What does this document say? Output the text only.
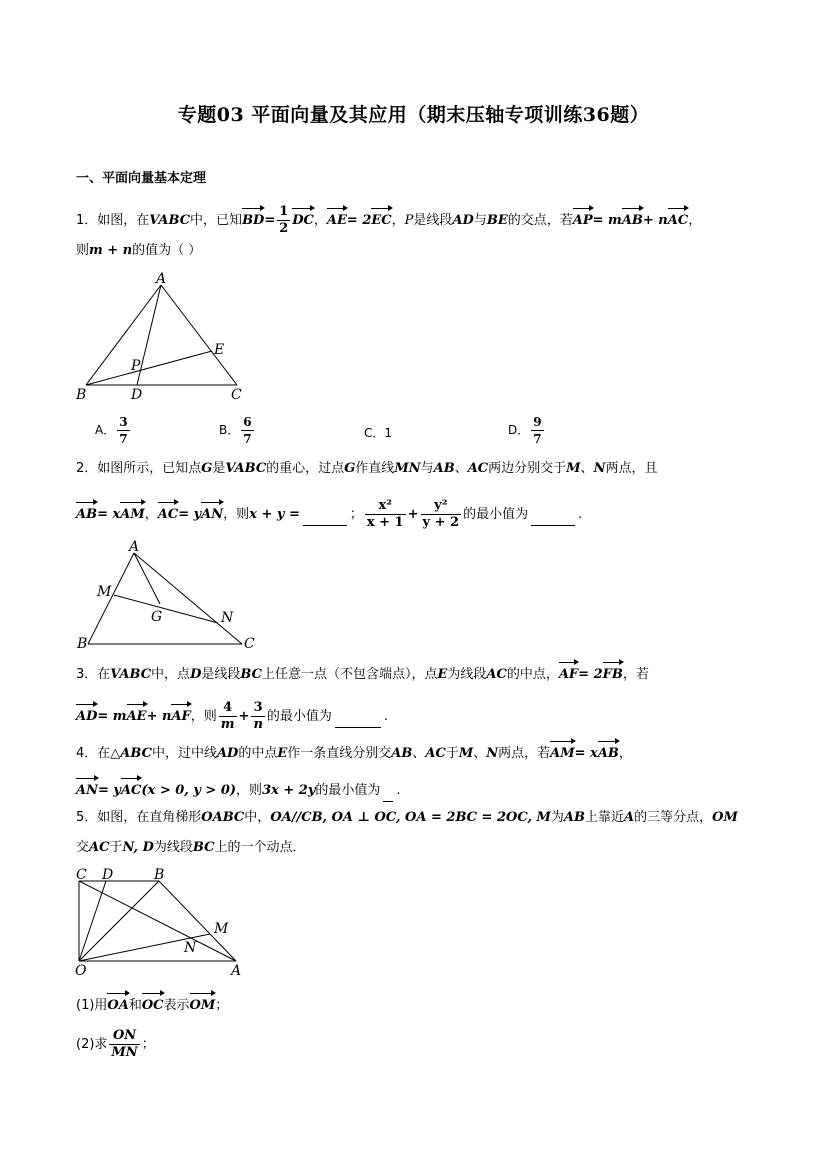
专题03 平面向量及其应用（期末压轴专项训练36题）
一、平面向量基本定理
1．如图，在VABC中，已知$BD= \frac{1}{2}$ DC，AE= 2EC，P是线段AD与BE的交点，若AP= mAB+ nAC，
则m + n的值为（ ）
A
B	C
D
E
P
A． $\frac{3}{7}$	B． $\frac{6}{7}$	C．1	D． $\frac{9}{7}$
2．如图所示，已知点G是VABC的重心，过点G作直线MN与AB、AC两边分别交于M、N两点，且
AB= xAM，AC= yAN，则x + y =	； $\frac{\text{x²}}{x + 1} + \frac{\text{y²}}{y + 2}$ 的最小值为	.
A
B	C
M
N
G
3．在VABC中，点D是线段BC上任意一点（不包含端点），点E为线段AC的中点，AF= 2FB，若
AD= mAE+ nAF，则 $\frac{4}{m} + \frac{3}{n}$ 的最小值为	.
4．在△ABC中，过中线AD的中点E作一条直线分别交AB、AC于M、N两点，若AM= xAB，
AN= yAC(x > 0, y > 0)，则3x + 2y的最小值为 .
5．如图，在直角梯形OABC中，OA//CB, OA ⊥ OC, OA = 2BC = 2OC, M为AB上靠近A的三等分点，OM
交AC于N, D为线段BC上的一个动点．
C D	B
M
N
O	A
(1)用OA和OC表示OM；
(2)求 $\frac{ON}{MN}$ ；
